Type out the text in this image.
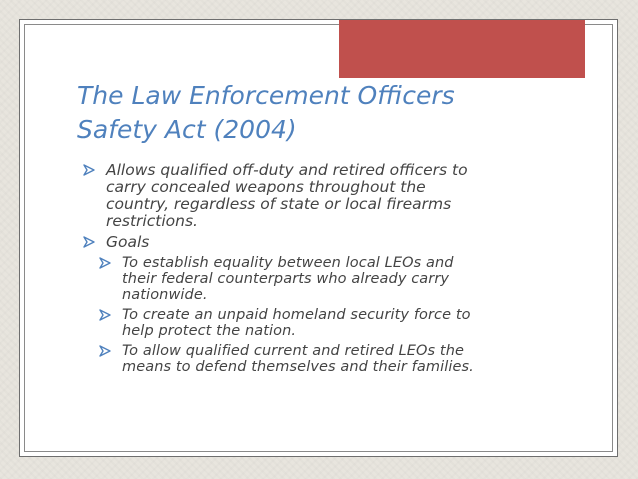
The Law Enforcement Officers
Safety Act (2004)
Allows qualified off-duty and retired officers to
carry concealed weapons throughout the
country, regardless of state or local firearms
restrictions.
Goals
To establish equality between local LEOs and
their federal counterparts who already carry
nationwide.
To create an unpaid homeland security force to
help protect the nation.
To allow qualified current and retired LEOs the
means to defend themselves and their families.
